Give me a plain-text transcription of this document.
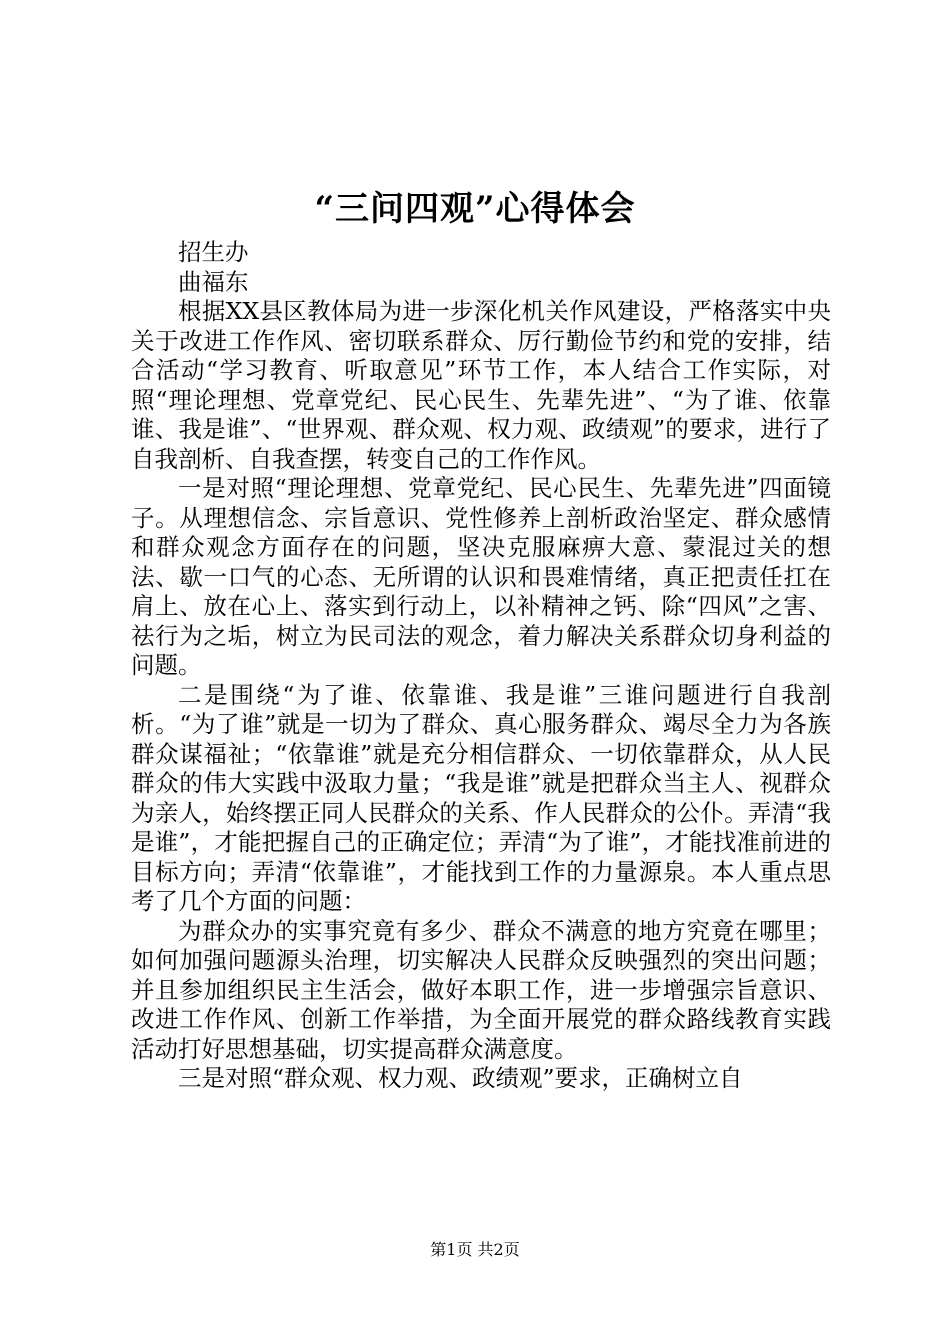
“三问四观”心得体会

招生办

曲福东

根据XX县区教体局为进一步深化机关作风建设，严格落实中央关于改进工作作风、密切联系群众、厉行勤俭节约和党的安排，结合活动“学习教育、听取意见”环节工作，本人结合工作实际，对照“理论理想、党章党纪、民心民生、先辈先进”、“为了谁、依靠谁、我是谁”、“世界观、群众观、权力观、政绩观”的要求，进行了自我剖析、自我查摆，转变自己的工作作风。

一是对照“理论理想、党章党纪、民心民生、先辈先进”四面镜子。从理想信念、宗旨意识、党性修养上剖析政治坚定、群众感情和群众观念方面存在的问题，坚决克服麻痹大意、蒙混过关的想法、歇一口气的心态、无所谓的认识和畏难情绪，真正把责任扛在肩上、放在心上、落实到行动上，以补精神之钙、除“四风”之害、祛行为之垢，树立为民司法的观念，着力解决关系群众切身利益的问题。

二是围绕“为了谁、依靠谁、我是谁”三谁问题进行自我剖析。“为了谁”就是一切为了群众、真心服务群众、竭尽全力为各族群众谋福祉；“依靠谁”就是充分相信群众、一切依靠群众，从人民群众的伟大实践中汲取力量；“我是谁”就是把群众当主人、视群众为亲人，始终摆正同人民群众的关系、作人民群众的公仆。弄清“我是谁”，才能把握自己的正确定位；弄清“为了谁”，才能找准前进的目标方向；弄清“依靠谁”，才能找到工作的力量源泉。本人重点思考了几个方面的问题：

为群众办的实事究竟有多少、群众不满意的地方究竟在哪里；如何加强问题源头治理，切实解决人民群众反映强烈的突出问题；并且参加组织民主生活会，做好本职工作，进一步增强宗旨意识、改进工作作风、创新工作举措，为全面开展党的群众路线教育实践活动打好思想基础，切实提高群众满意度。

三是对照“群众观、权力观、政绩观”要求，正确树立自

第1页 共2页
